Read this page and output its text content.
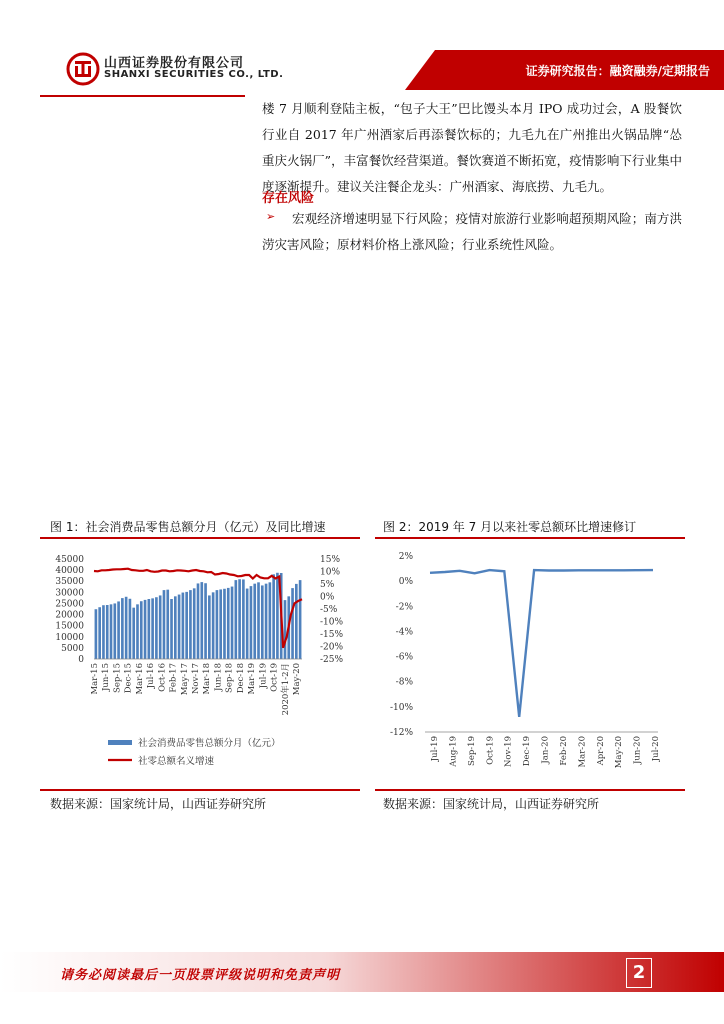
山西证券股份有限公司
SHANXI SECURITIES CO., LTD.	证券研究报告：融资融券/定期报告
楼 7 月顺利登陆主板，“包子大王”巴比馒头本月 IPO 成功过会，A 股餐饮行业自 2017 年广州酒家后再添餐饮标的；九毛九在广州推出火锅品牌“怂重庆火锅厂”，丰富餐饮经营渠道。餐饮赛道不断拓宽，疫情影响下行业集中度逐渐提升。建议关注餐企龙头：广州酒家、海底捞、九毛九。
存在风险
➢	宏观经济增速明显下行风险；疫情对旅游行业影响超预期风险；南方洪涝灾害风险；原材料价格上涨风险；行业系统性风险。
图 1：社会消费品零售总额分月（亿元）及同比增速
45000
40000
35000
30000
25000
20000
15000
10000
5000
0
15%
10%
5%
0%
-5%
-10%
-15%
-20%
-25%
Mar-15 Jun-15 Sep-15 Dec-15 Mar-16 Jul-16 Oct-16 Feb-17 May-17 Nov-17 Mar-18 Jun-18 Sep-18 Dec-18 Mar-19 Jul-19 Oct-19 2020年1-2月 May-20
社会消费品零售总额分月（亿元）
社零总额名义增速
数据来源：国家统计局，山西证券研究所
图 2：2019 年 7 月以来社零总额环比增速修订
2%
0%
-2%
-4%
-6%
-8%
-10%
-12%
Jul-19 Aug-19 Sep-19 Oct-19 Nov-19 Dec-19 Jan-20 Feb-20 Mar-20 Apr-20 May-20 Jun-20 Jul-20
数据来源：国家统计局，山西证券研究所
请务必阅读最后一页股票评级说明和免责声明	2
